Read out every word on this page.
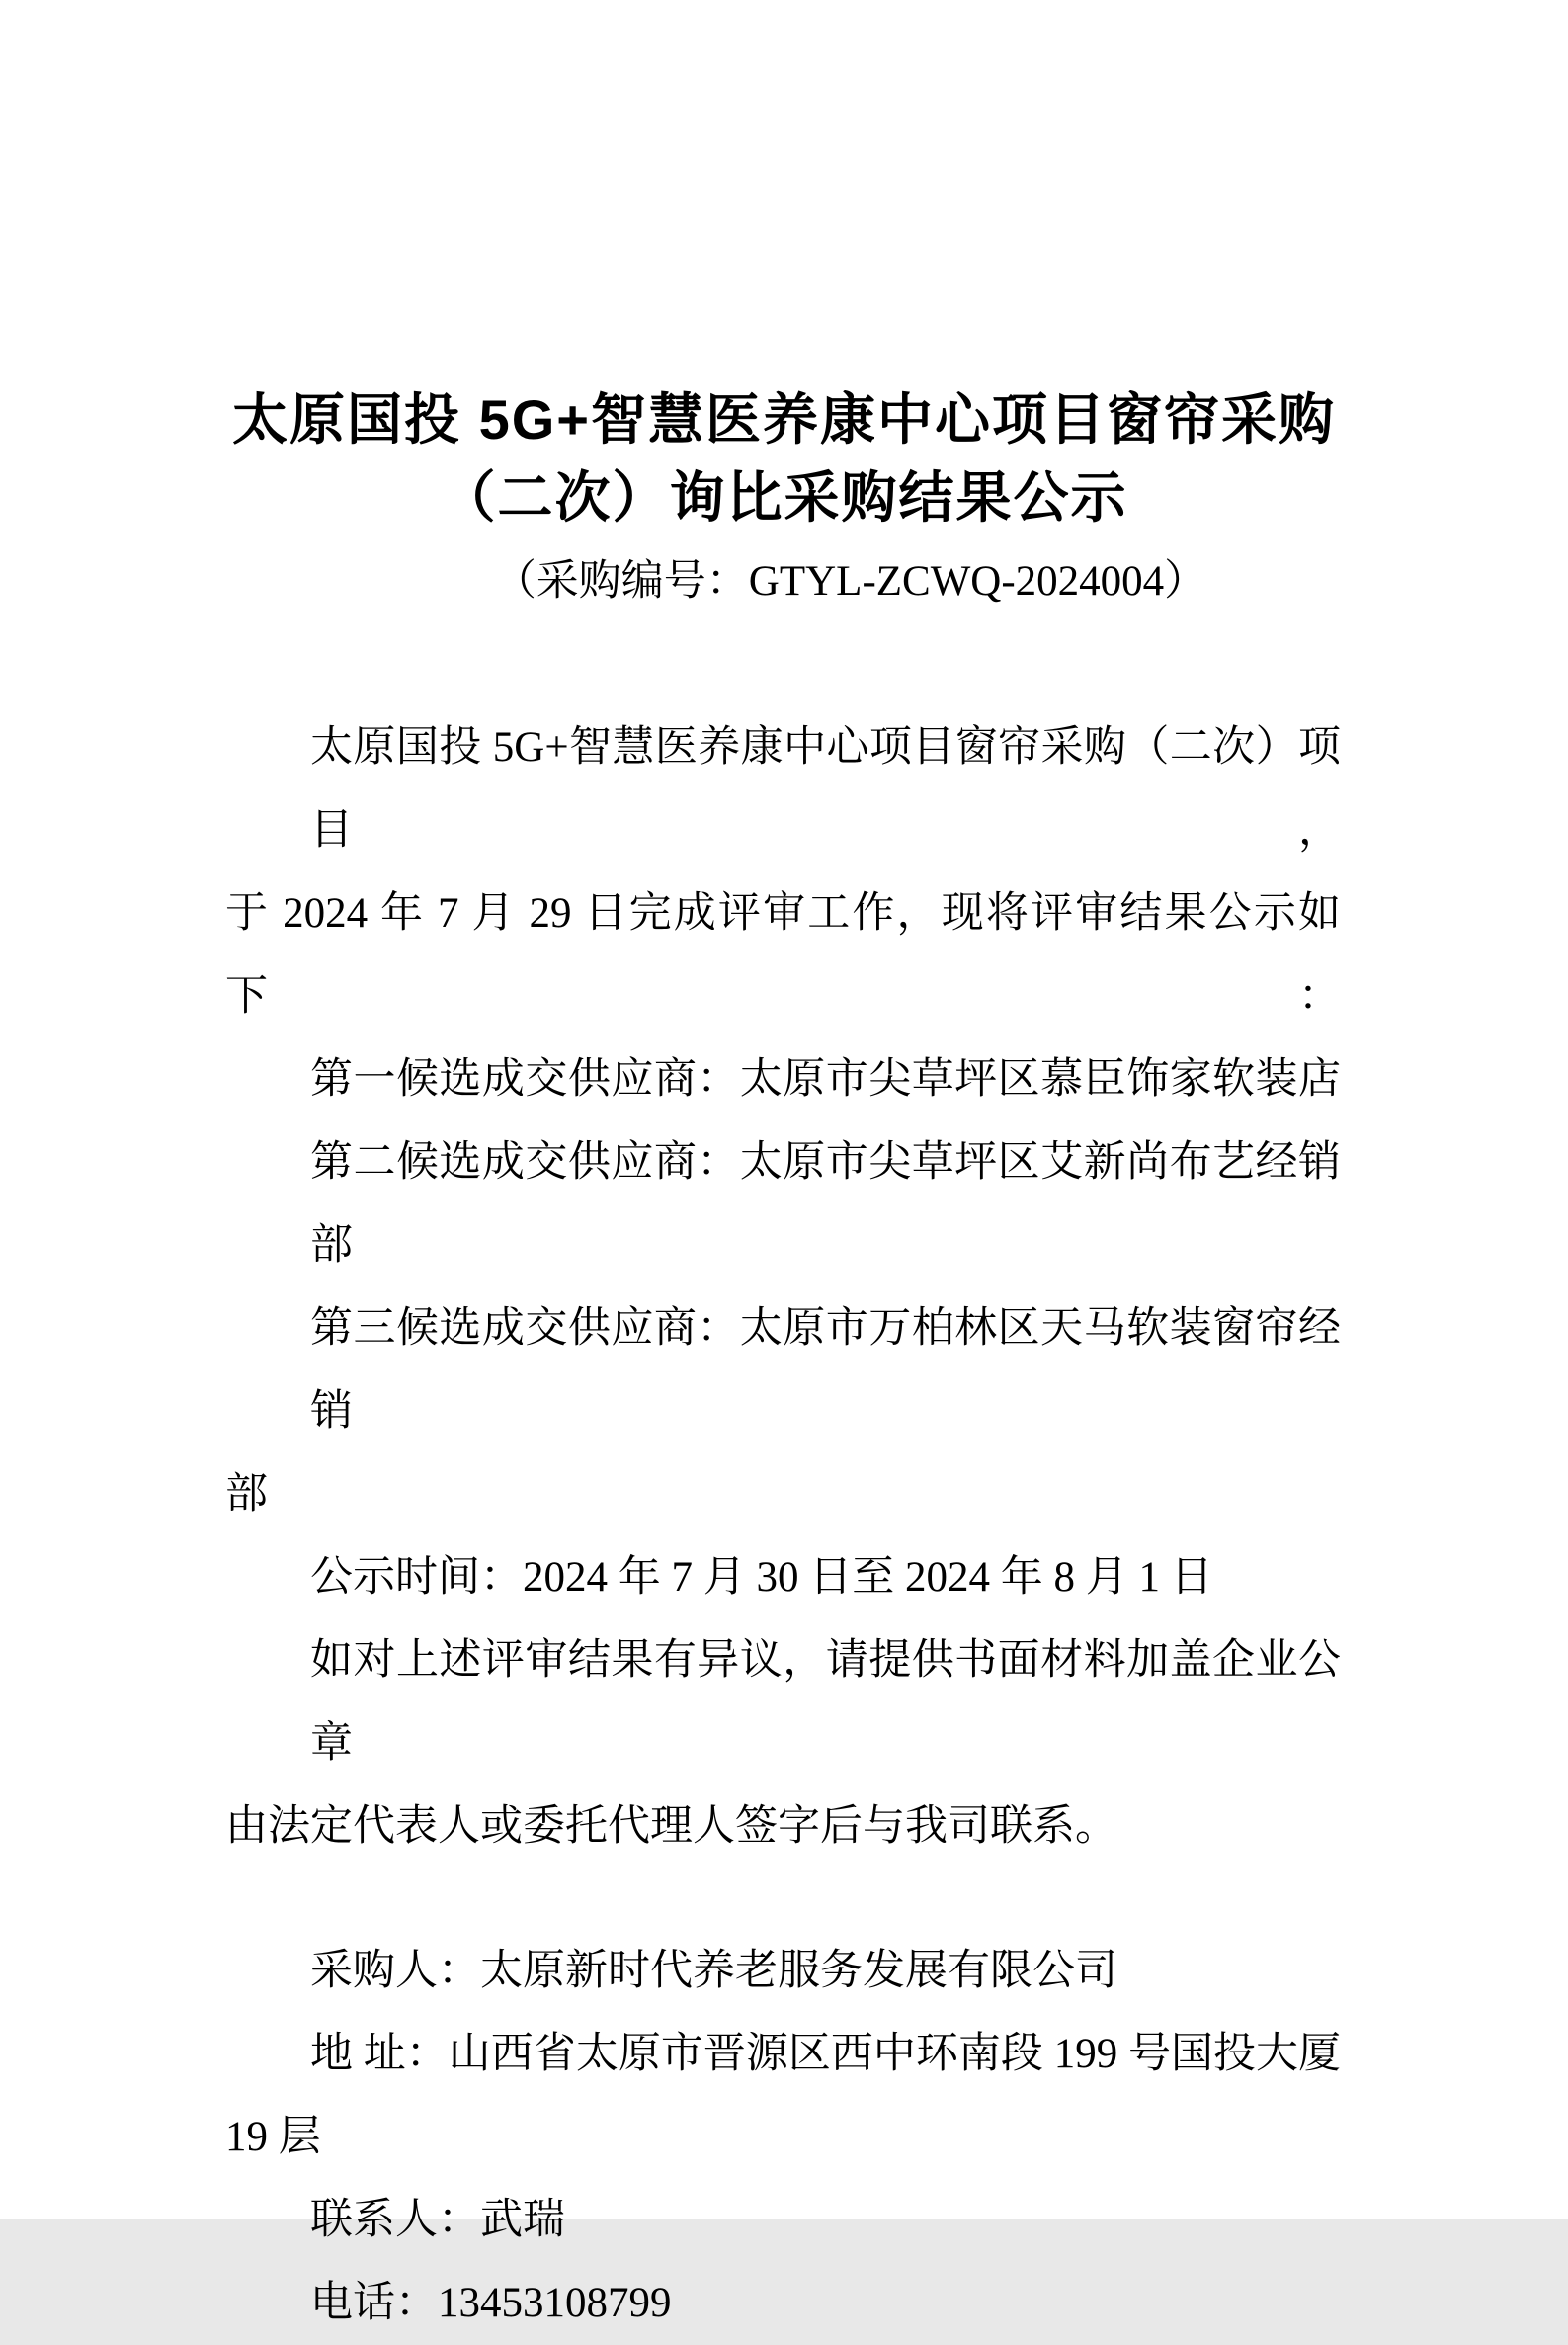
太原国投 5G+智慧医养康中心项目窗帘采购
（二次）询比采购结果公示
（采购编号：GTYL-ZCWQ-2024004）
太原国投 5G+智慧医养康中心项目窗帘采购（二次）项目，
于 2024 年 7 月 29 日完成评审工作，现将评审结果公示如下：
第一候选成交供应商：太原市尖草坪区慕臣饰家软装店
第二候选成交供应商：太原市尖草坪区艾新尚布艺经销部
第三候选成交供应商：太原市万柏林区天马软装窗帘经销
部
公示时间：2024 年 7 月 30 日至 2024 年 8 月 1 日
如对上述评审结果有异议，请提供书面材料加盖企业公章
由法定代表人或委托代理人签字后与我司联系。
采购人：太原新时代养老服务发展有限公司
地 址：山西省太原市晋源区西中环南段 199 号国投大厦
19 层
联系人：武瑞
电话：13453108799
